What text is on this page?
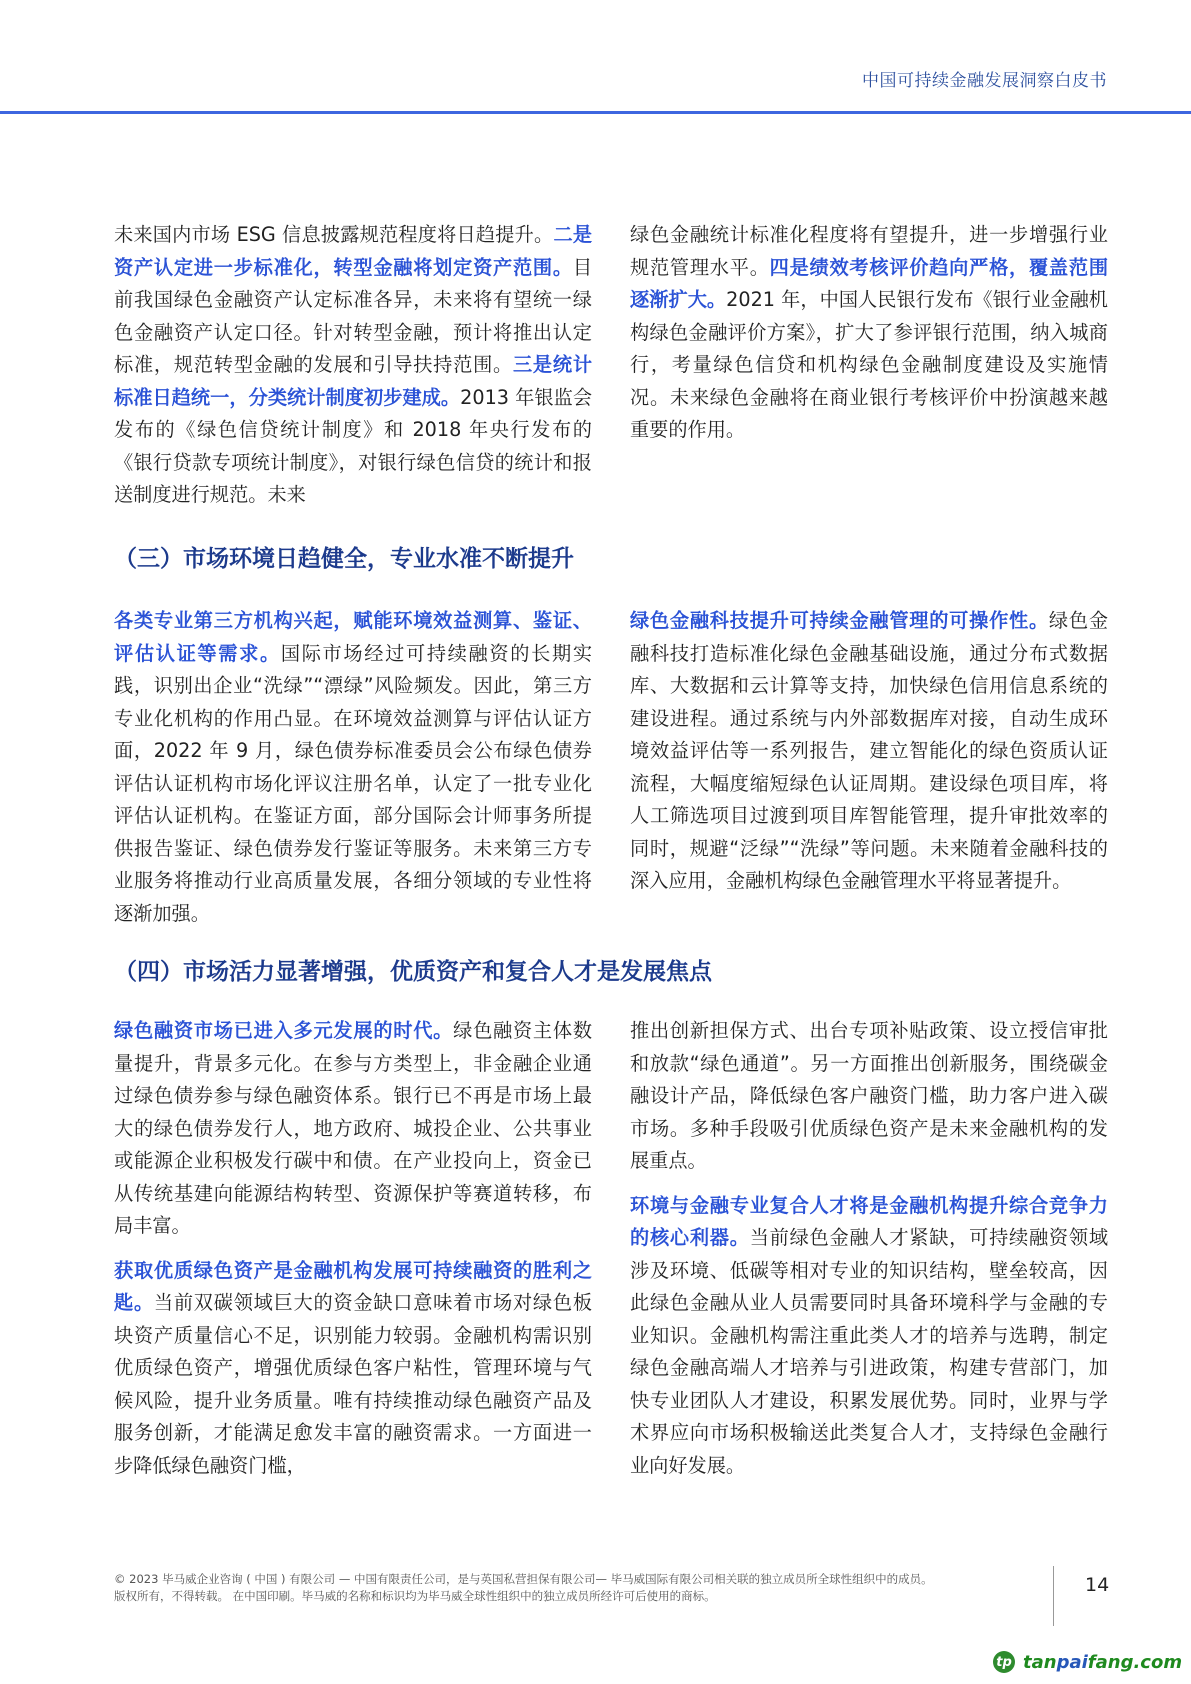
中国可持续金融发展洞察白皮书

未来国内市场 ESG 信息披露规范程度将日趋提升。二是资产认定进一步标准化，转型金融将划定资产范围。目前我国绿色金融资产认定标准各异，未来将有望统一绿色金融资产认定口径。针对转型金融，预计将推出认定标准，规范转型金融的发展和引导扶持范围。三是统计标准日趋统一，分类统计制度初步建成。2013 年银监会发布的《绿色信贷统计制度》和 2018 年央行发布的《银行贷款专项统计制度》，对银行绿色信贷的统计和报送制度进行规范。未来

绿色金融统计标准化程度将有望提升，进一步增强行业规范管理水平。四是绩效考核评价趋向严格，覆盖范围逐渐扩大。2021 年，中国人民银行发布《银行业金融机构绿色金融评价方案》，扩大了参评银行范围，纳入城商行，考量绿色信贷和机构绿色金融制度建设及实施情况。未来绿色金融将在商业银行考核评价中扮演越来越重要的作用。

（三）市场环境日趋健全，专业水准不断提升

各类专业第三方机构兴起，赋能环境效益测算、鉴证、评估认证等需求。国际市场经过可持续融资的长期实践，识别出企业“洗绿”“漂绿”风险频发。因此，第三方专业化机构的作用凸显。在环境效益测算与评估认证方面，2022 年 9 月，绿色债券标准委员会公布绿色债券评估认证机构市场化评议注册名单，认定了一批专业化评估认证机构。在鉴证方面，部分国际会计师事务所提供报告鉴证、绿色债券发行鉴证等服务。未来第三方专业服务将推动行业高质量发展，各细分领域的专业性将逐渐加强。

绿色金融科技提升可持续金融管理的可操作性。绿色金融科技打造标准化绿色金融基础设施，通过分布式数据库、大数据和云计算等支持，加快绿色信用信息系统的建设进程。通过系统与内外部数据库对接，自动生成环境效益评估等一系列报告，建立智能化的绿色资质认证流程，大幅度缩短绿色认证周期。建设绿色项目库，将人工筛选项目过渡到项目库智能管理，提升审批效率的同时，规避“泛绿”“洗绿”等问题。未来随着金融科技的深入应用，金融机构绿色金融管理水平将显著提升。

（四）市场活力显著增强，优质资产和复合人才是发展焦点

绿色融资市场已进入多元发展的时代。绿色融资主体数量提升，背景多元化。在参与方类型上，非金融企业通过绿色债券参与绿色融资体系。银行已不再是市场上最大的绿色债券发行人，地方政府、城投企业、公共事业或能源企业积极发行碳中和债。在产业投向上，资金已从传统基建向能源结构转型、资源保护等赛道转移，布局丰富。

获取优质绿色资产是金融机构发展可持续融资的胜利之匙。当前双碳领域巨大的资金缺口意味着市场对绿色板块资产质量信心不足，识别能力较弱。金融机构需识别优质绿色资产，增强优质绿色客户粘性，管理环境与气候风险，提升业务质量。唯有持续推动绿色融资产品及服务创新，才能满足愈发丰富的融资需求。一方面进一步降低绿色融资门槛，

推出创新担保方式、出台专项补贴政策、设立授信审批和放款“绿色通道”。另一方面推出创新服务，围绕碳金融设计产品，降低绿色客户融资门槛，助力客户进入碳市场。多种手段吸引优质绿色资产是未来金融机构的发展重点。

环境与金融专业复合人才将是金融机构提升综合竞争力的核心利器。当前绿色金融人才紧缺，可持续融资领域涉及环境、低碳等相对专业的知识结构，壁垒较高，因此绿色金融从业人员需要同时具备环境科学与金融的专业知识。金融机构需注重此类人才的培养与选聘，制定绿色金融高端人才培养与引进政策，构建专营部门，加快专业团队人才建设，积累发展优势。同时，业界与学术界应向市场积极输送此类复合人才，支持绿色金融行业向好发展。

© 2023 毕马威企业咨询 ( 中国 ) 有限公司 — 中国有限责任公司，是与英国私营担保有限公司— 毕马威国际有限公司相关联的独立成员所全球性组织中的成员。
版权所有，不得转载。 在中国印刷。毕马威的名称和标识均为毕马威全球性组织中的独立成员所经许可后使用的商标。	14
tp tanpaifang.com
